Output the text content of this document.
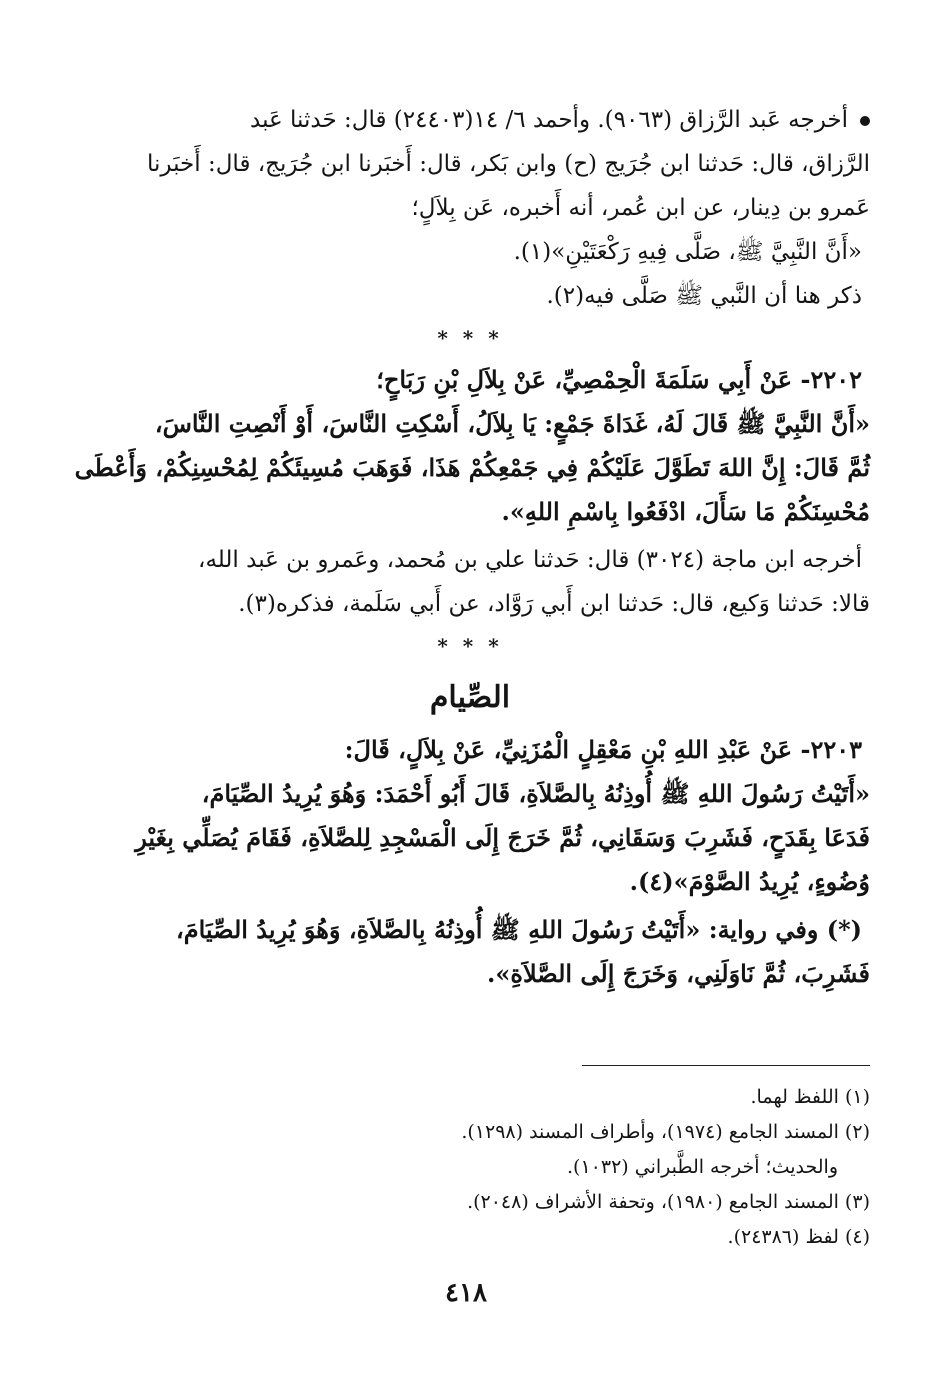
أخرجه عَبد الرَّزاق (٩٠٦٣). وأحمد ٦/ ١٤(٢٤٤٠٣) قال: حَدثنا عَبد
الرَّزاق، قال: حَدثنا ابن جُرَيج (ح) وابن بَكر، قال: أَخبَرنا ابن جُرَيج، قال: أَخبَرنا
عَمرو بن دِينار، عن ابن عُمر، أنه أَخبره، عَن بِلاَلٍ؛
«أَنَّ النَّبِيَّ ﷺ، صَلَّى فِيهِ رَكْعَتَيْنِ»(١).
ذكر هنا أن النَّبي ﷺ صَلَّى فيه(٢).
* * *
٢٢٠٢- عَنْ أَبِي سَلَمَةَ الْحِمْصِيِّ، عَنْ بِلاَلِ بْنِ رَبَاحٍ؛
«أَنَّ النَّبِيَّ ﷺ قَالَ لَهُ، غَدَاةَ جَمْعٍ: يَا بِلاَلُ، أَسْكِتِ النَّاسَ، أَوْ أَنْصِتِ النَّاسَ،
ثُمَّ قَالَ: إِنَّ اللهَ تَطَوَّلَ عَلَيْكُمْ فِي جَمْعِكُمْ هَذَا، فَوَهَبَ مُسِيئَكُمْ لِمُحْسِنِكُمْ، وَأَعْطَى
مُحْسِنَكُمْ مَا سَأَلَ، ادْفَعُوا بِاسْمِ اللهِ».
أخرجه ابن ماجة (٣٠٢٤) قال: حَدثنا علي بن مُحمد، وعَمرو بن عَبد الله،
قالا: حَدثنا وَكيع، قال: حَدثنا ابن أَبي رَوَّاد، عن أَبي سَلَمة، فذكره(٣).
* * *
الصِّيام
٢٢٠٣- عَنْ عَبْدِ اللهِ بْنِ مَعْقِلٍ الْمُزَنِيِّ، عَنْ بِلاَلٍ، قَالَ:
«أَتَيْتُ رَسُولَ اللهِ ﷺ أُوذِنُهُ بِالصَّلاَةِ، قَالَ أَبُو أَحْمَدَ: وَهُوَ يُرِيدُ الصِّيَامَ،
فَدَعَا بِقَدَحٍ، فَشَرِبَ وَسَقَانِي، ثُمَّ خَرَجَ إِلَى الْمَسْجِدِ لِلصَّلاَةِ، فَقَامَ يُصَلِّي بِغَيْرِ
وُضُوءٍ، يُرِيدُ الصَّوْمَ»(٤).
(*) وفي رواية: «أَتَيْتُ رَسُولَ اللهِ ﷺ أُوذِنُهُ بِالصَّلاَةِ، وَهُوَ يُرِيدُ الصِّيَامَ،
فَشَرِبَ، ثُمَّ نَاوَلَنِي، وَخَرَجَ إِلَى الصَّلاَةِ».
(١) اللفظ لهما.
(٢) المسند الجامع (١٩٧٤)، وأطراف المسند (١٢٩٨).
والحديث؛ أخرجه الطَّبراني (١٠٣٢).
(٣) المسند الجامع (١٩٨٠)، وتحفة الأشراف (٢٠٤٨).
(٤) لفظ (٢٤٣٨٦).
٤١٨
